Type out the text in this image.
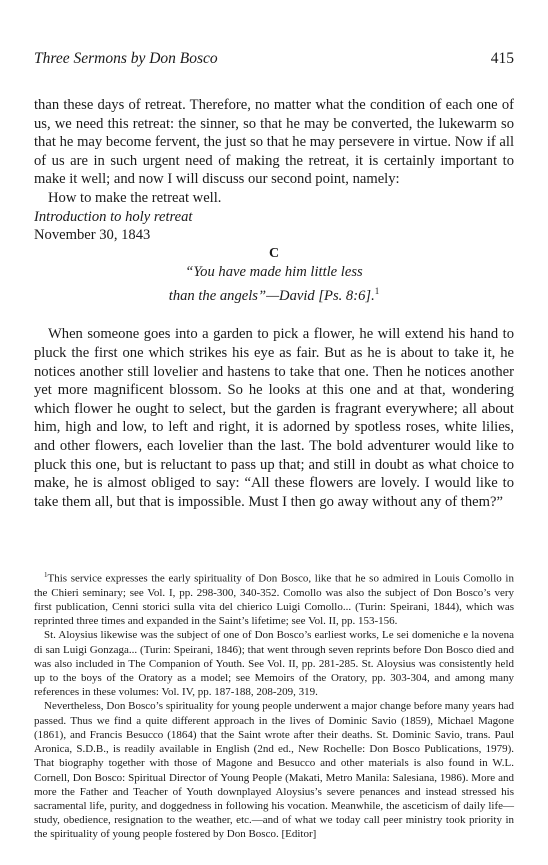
Three Sermons by Don Bosco	415

than these days of retreat. Therefore, no matter what the condition of each one of us, we need this retreat: the sinner, so that he may be converted, the lukewarm so that he may become fervent, the just so that he may persevere in virtue. Now if all of us are in such urgent need of making the retreat, it is certainly important to make it well; and now I will discuss our second point, namely:

How to make the retreat well.

Introduction to holy retreat

November 30, 1843

C

“You have made him little less
than the angels”—David [Ps. 8:6].$^1$

When someone goes into a garden to pick a flower, he will extend his hand to pluck the first one which strikes his eye as fair. But as he is about to take it, he notices another still lovelier and hastens to take that one. Then he notices another yet more magnificent blossom. So he looks at this one and at that, wondering which flower he ought to select, but the garden is fragrant everywhere; all about him, high and low, to left and right, it is adorned by spotless roses, white lilies, and other flowers, each lovelier than the last. The bold adventurer would like to pluck this one, but is reluctant to pass up that; and still in doubt as what choice to make, he is almost obliged to say: “All these flowers are lovely. I would like to take them all, but that is impossible. Must I then go away without any of them?”

$^1$This service expresses the early spirituality of Don Bosco, like that he so admired in Louis Comollo in the Chieri seminary; see Vol. I, pp. 298-300, 340-352. Comollo was also the subject of Don Bosco’s very first publication, Cenni storici sulla vita del chierico Luigi Comollo... (Turin: Speirani, 1844), which was reprinted three times and expanded in the Saint’s lifetime; see Vol. II, pp. 153-156.

St. Aloysius likewise was the subject of one of Don Bosco’s earliest works, Le sei domeniche e la novena di san Luigi Gonzaga... (Turin: Speirani, 1846); that went through seven reprints before Don Bosco died and was also included in The Companion of Youth. See Vol. II, pp. 281-285. St. Aloysius was consistently held up to the boys of the Oratory as a model; see Memoirs of the Oratory, pp. 303-304, and among many references in these volumes: Vol. IV, pp. 187-188, 208-209, 319.

Nevertheless, Don Bosco’s spirituality for young people underwent a major change before many years had passed. Thus we find a quite different approach in the lives of Dominic Savio (1859), Michael Magone (1861), and Francis Besucco (1864) that the Saint wrote after their deaths. St. Dominic Savio, trans. Paul Aronica, S.D.B., is readily available in English (2nd ed., New Rochelle: Don Bosco Publications, 1979). That biography together with those of Magone and Besucco and other materials is also found in W.L. Cornell, Don Bosco: Spiritual Director of Young People (Makati, Metro Manila: Salesiana, 1986). More and more the Father and Teacher of Youth downplayed Aloysius’s severe penances and instead stressed his sacramental life, purity, and doggedness in following his vocation. Meanwhile, the asceticism of daily life—study, obedience, resignation to the weather, etc.—and of what we today call peer ministry took priority in the spirituality of young people fostered by Don Bosco. [Editor]
